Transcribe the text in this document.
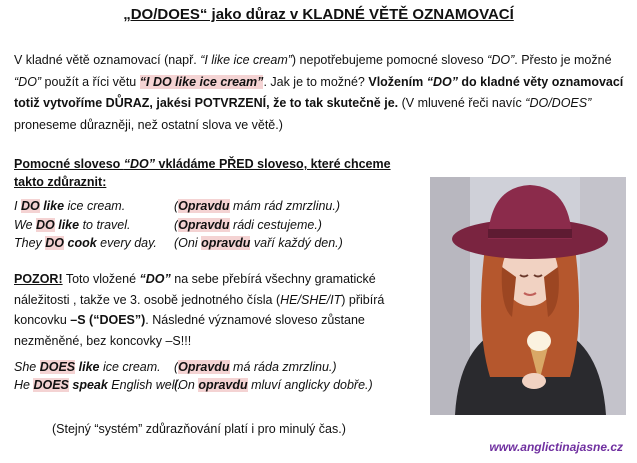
„DO/DOES“ jako důraz v KLADNÉ VĚTĚ OZNAMOVACÍ
V kladné větě oznamovací (např. “I like ice cream”) nepotřebujeme pomocné sloveso “DO”. Přesto je možné “DO” použít a říci větu “I DO like ice cream”. Jak je to možné? Vložením “DO” do kladné věty oznamovací totiž vytvoříme DŮRAZ, jakési POTVRZENÍ, že to tak skutečně je. (V mluvené řeči navíc “DO/DOES” proneseme důrazněji, než ostatní slova ve větě.)
Pomocné sloveso “DO” vkládáme PŘED sloveso, které chceme takto zdůraznit:
I DO like ice cream.	(Opravdu mám rád zmrzlinu.)
We DO like to travel.	(Opravdu rádi cestujeme.)
They DO cook every day. (Oni opravdu vaří každý den.)
POZOR! Toto vložené “DO” na sebe přebírá všechny gramatické náležitosti , takže ve 3. osobě jednotného čísla (HE/SHE/IT) přibírá koncovku –S (“DOES”). Následné významové sloveso zůstane nezměněné, bez koncovky –S!!!
She DOES like ice cream. (Opravdu má ráda zmrzlinu.)
He DOES speak English well.
(On opravdu mluví anglicky dobře.)
(Stejný “systém” zdůrazňování platí i pro minulý čas.)
www.anglictinajasne.cz
